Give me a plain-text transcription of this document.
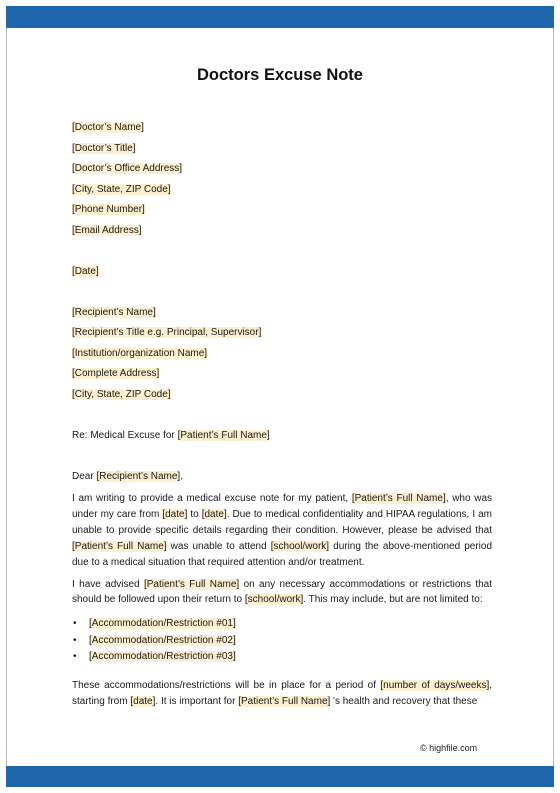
Doctors Excuse Note
[Doctor’s Name]
[Doctor’s Title]
[Doctor’s Office Address]
[City, State, ZIP Code]
[Phone Number]
[Email Address]
[Date]
[Recipient’s Name]
[Recipient’s Title e.g. Principal, Supervisor]
[Institution/organization Name]
[Complete Address]
[City, State, ZIP Code]
Re: Medical Excuse for [Patient’s Full Name]
Dear [Recipient’s Name],

I am writing to provide a medical excuse note for my patient, [Patient’s Full Name], who was under my care from [date] to [date]. Due to medical confidentiality and HIPAA regulations, I am unable to provide specific details regarding their condition. However, please be advised that [Patient’s Full Name] was unable to attend [school/work] during the above-mentioned period due to a medical situation that required attention and/or treatment.

I have advised [Patient’s Full Name] on any necessary accommodations or restrictions that should be followed upon their return to [school/work]. This may include, but are not limited to:

• [Accommodation/Restriction #01]
• [Accommodation/Restriction #02]
• [Accommodation/Restriction #03]

These accommodations/restrictions will be in place for a period of [number of days/weeks], starting from [date]. It is important for [Patient’s Full Name] 's health and recovery that these

© highfile.com
